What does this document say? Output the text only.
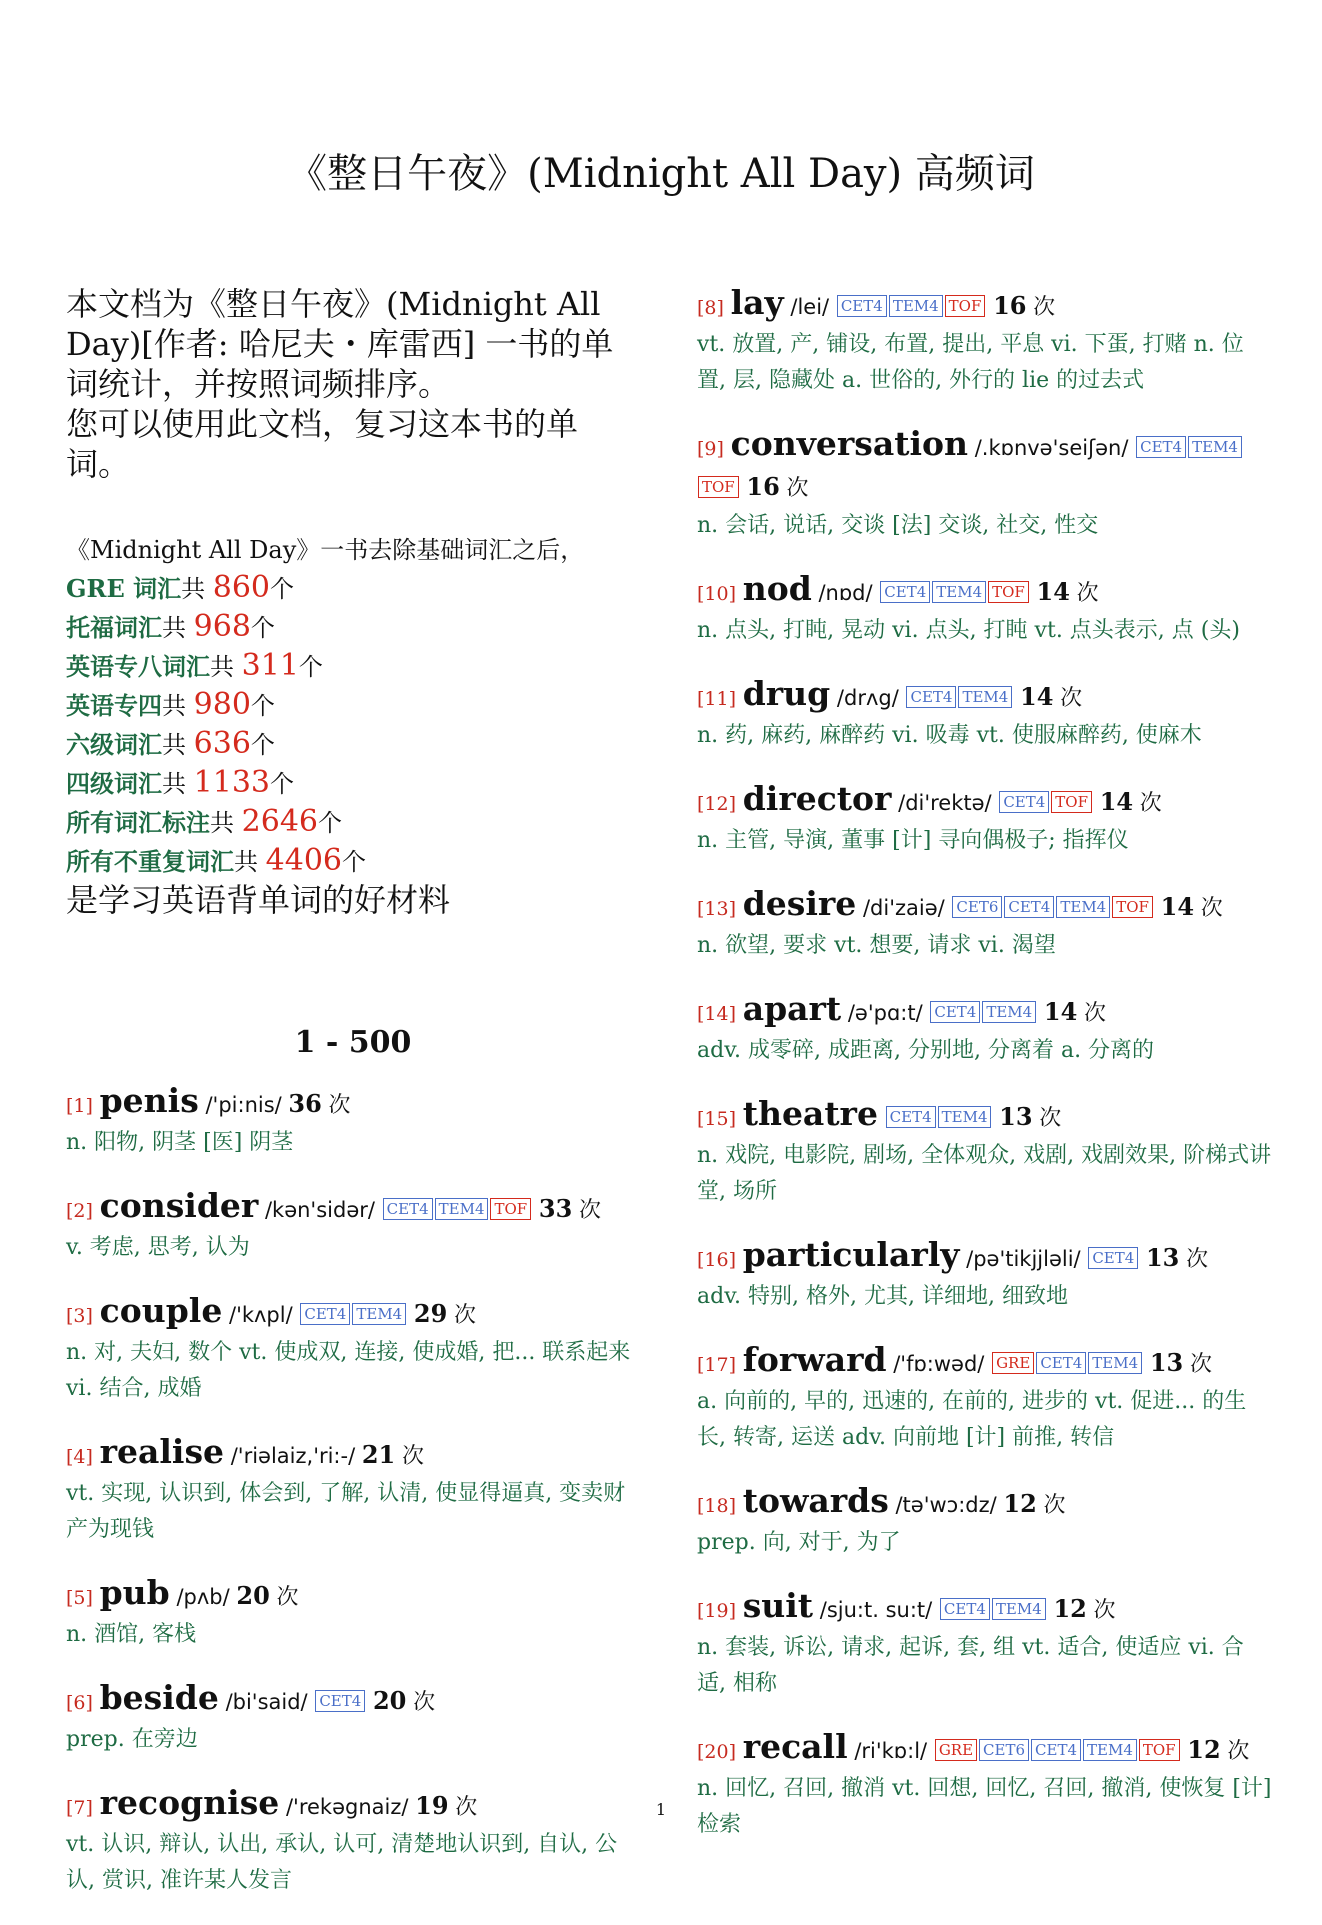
《整日午夜》(Midnight All Day) 高频词

本文档为《整日午夜》(Midnight All Day)[作者: 哈尼夫・库雷西] 一书的单词统计，并按照词频排序。

您可以使用此文档，复习这本书的单词。

《Midnight All Day》一书去除基础词汇之后，
GRE 词汇共 860个
托福词汇共 968个
英语专八词汇共 311个
英语专四共 980个
六级词汇共 636个
四级词汇共 1133个
所有词汇标注共 2646个
所有不重复词汇共 4406个
是学习英语背单词的好材料
1 - 500
[1] penis /'pi:nis/ 36 次
n. 阳物, 阴茎 [医] 阴茎
[2] consider /kən'sidər/ CET4 TEM4 TOF 33 次
v. 考虑, 思考, 认为
[3] couple /'kʌpl/ CET4 TEM4 29 次
n. 对, 夫妇, 数个 vt. 使成双, 连接, 使成婚, 把... 联系起来 vi. 结合, 成婚
[4] realise /'riəlaiz,'ri:-/ 21 次
vt. 实现, 认识到, 体会到, 了解, 认清, 使显得逼真, 变卖财产为现钱
[5] pub /pʌb/ 20 次
n. 酒馆, 客栈
[6] beside /bi'said/ CET4 20 次
prep. 在旁边
[7] recognise /'rekəgnaiz/ 19 次
vt. 认识, 辩认, 认出, 承认, 认可, 清楚地认识到, 自认, 公认, 赏识, 准许某人发言
[8] lay /lei/ CET4 TEM4 TOF 16 次
vt. 放置, 产, 铺设, 布置, 提出, 平息 vi. 下蛋, 打赌 n. 位置, 层, 隐藏处 a. 世俗的, 外行的 lie 的过去式
[9] conversation /.kɒnvə'seiʃən/ CET4 TEM4TOF 16 次
n. 会话, 说话, 交谈 [法] 交谈, 社交, 性交
[10] nod /nɒd/ CET4 TEM4 TOF 14 次
n. 点头, 打盹, 晃动 vi. 点头, 打盹 vt. 点头表示, 点 (头)
[11] drug /drʌg/ CET4 TEM4 14 次
n. 药, 麻药, 麻醉药 vi. 吸毒 vt. 使服麻醉药, 使麻木
[12] director /di'rektə/ CET4 TOF 14 次
n. 主管, 导演, 董事 [计] 寻向偶极子; 指挥仪
[13] desire /di'zaiə/ CET6 CET4 TEM4 TOF 14 次
n. 欲望, 要求 vt. 想要, 请求 vi. 渴望
[14] apart /ə'pɑ:t/ CET4 TEM4 14 次
adv. 成零碎, 成距离, 分别地, 分离着 a. 分离的
[15] theatre CET4 TEM4 13 次
n. 戏院, 电影院, 剧场, 全体观众, 戏剧, 戏剧效果, 阶梯式讲堂, 场所
[16] particularly /pə'tikjjləli/ CET4 13 次
adv. 特别, 格外, 尤其, 详细地, 细致地
[17] forward /'fɒ:wəd/ GRE CET4 TEM4 13 次
a. 向前的, 早的, 迅速的, 在前的, 进步的 vt. 促进... 的生长, 转寄, 运送 adv. 向前地 [计] 前推, 转信
[18] towards /tə'wɔ:dz/ 12 次
prep. 向, 对于, 为了
[19] suit /sju:t. su:t/ CET4 TEM4 12 次
n. 套装, 诉讼, 请求, 起诉, 套, 组 vt. 适合, 使适应 vi. 合适, 相称
[20] recall /ri'kɒ:l/ GRE CET6 CET4 TEM4 TOF 12 次
n. 回忆, 召回, 撤消 vt. 回想, 回忆, 召回, 撤消, 使恢复 [计] 检索
1
